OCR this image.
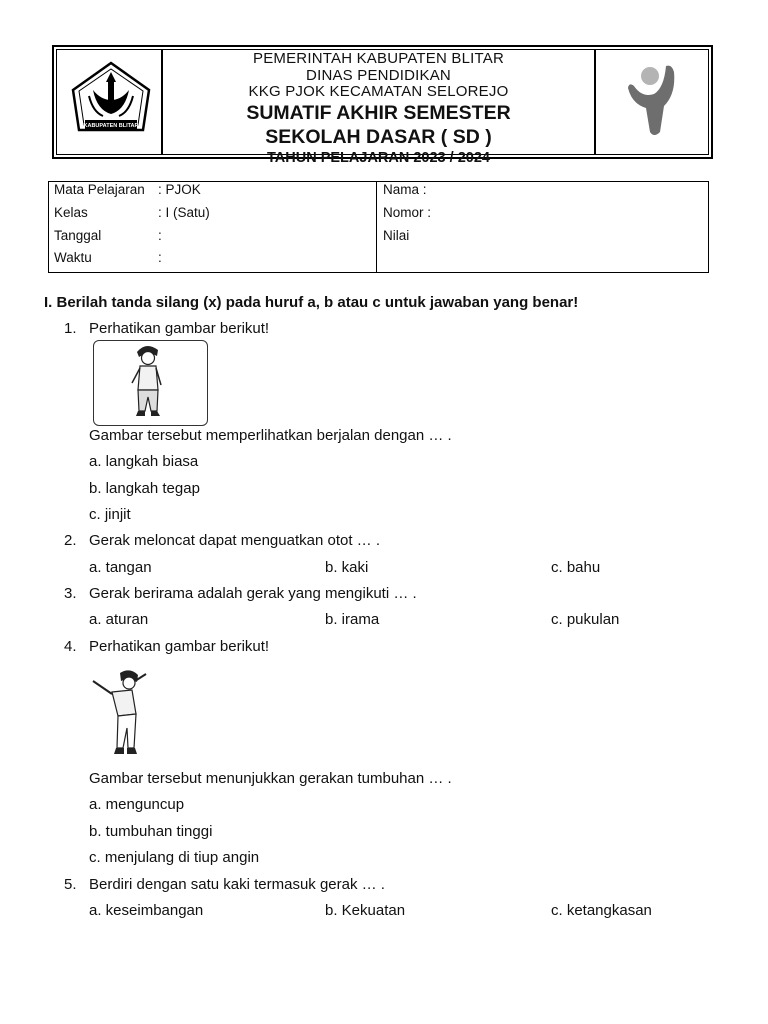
KABUPATEN BLITAR
PEMERINTAH KABUPATEN BLITAR
DINAS PENDIDIKAN
KKG PJOK KECAMATAN SELOREJO
SUMATIF AKHIR SEMESTER
SEKOLAH DASAR ( SD )
TAHUN PELAJARAN 2023 / 2024
Mata Pelajaran : PJOK
Kelas	: I (Satu)
Tanggal	:
Waktu	:
Nama :
Nomor :
Nilai
I. Berilah tanda silang (x) pada huruf a, b atau c untuk jawaban yang benar!
1. Perhatikan gambar berikut!
Gambar tersebut memperlihatkan berjalan dengan … .
a. langkah biasa
b. langkah tegap
c. jinjit
2. Gerak meloncat dapat menguatkan otot … .
a. tangan	b. kaki	c. bahu
3. Gerak berirama adalah gerak yang mengikuti … .
a. aturan	b. irama	c. pukulan
4. Perhatikan gambar berikut!
Gambar tersebut menunjukkan gerakan tumbuhan … .
a. menguncup
b. tumbuhan tinggi
c. menjulang di tiup angin
5. Berdiri dengan satu kaki termasuk gerak … .
a. keseimbangan	b. Kekuatan	c. ketangkasan
